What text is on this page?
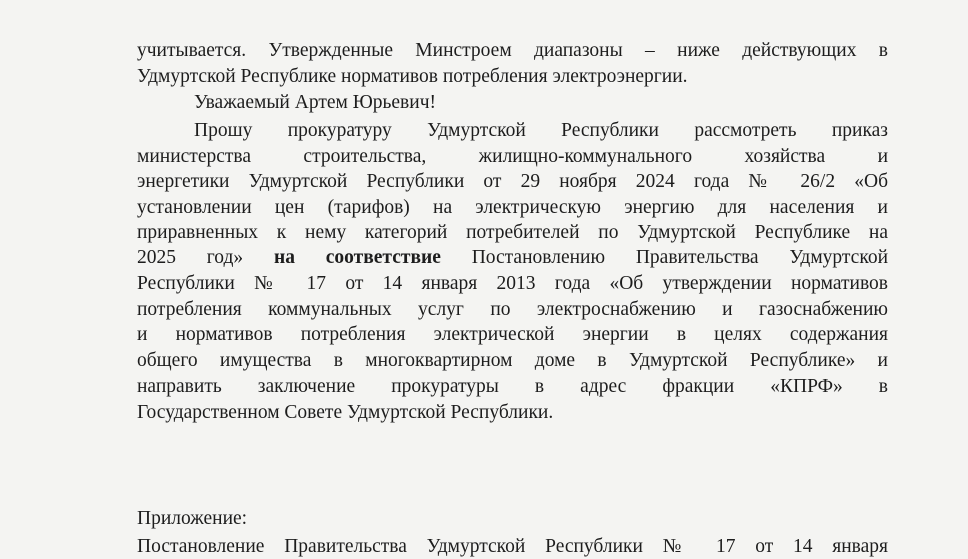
учитывается. Утвержденные Минстроем диапазоны – ниже действующих в
Удмуртской Республике нормативов потребления электроэнергии.
Уважаемый Артем Юрьевич!
Прошу прокуратуру Удмуртской Республики рассмотреть приказ
министерства строительства, жилищно-коммунального хозяйства и
энергетики Удмуртской Республики от 29 ноября 2024 года № 26/2 «Об
установлении цен (тарифов) на электрическую энергию для населения и
приравненных к нему категорий потребителей по Удмуртской Республике на
2025 год» на соответствие Постановлению Правительства Удмуртской
Республики № 17 от 14 января 2013 года «Об утверждении нормативов
потребления коммунальных услуг по электроснабжению и газоснабжению
и нормативов потребления электрической энергии в целях содержания
общего имущества в многоквартирном доме в Удмуртской Республике» и
направить заключение прокуратуры в адрес фракции «КПРФ» в
Государственном Совете Удмуртской Республики.
Приложение:
Постановление Правительства Удмуртской Республики № 17 от 14 января
